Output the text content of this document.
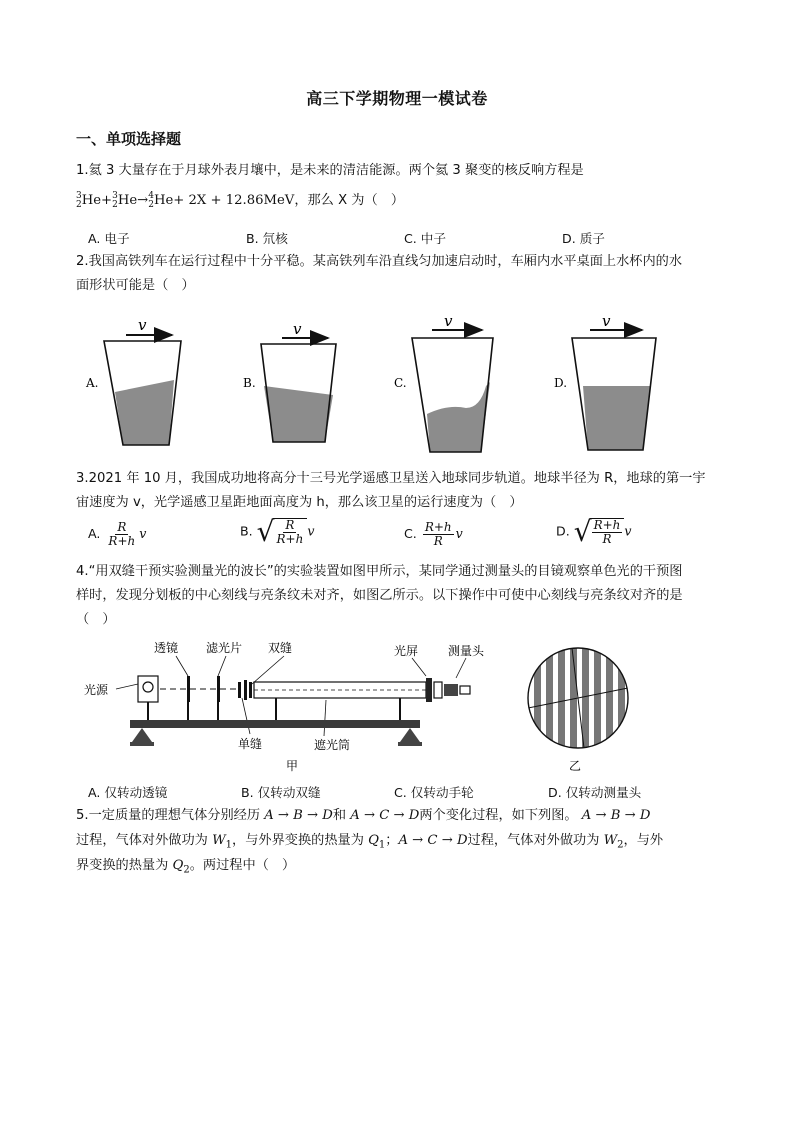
高三下学期物理一模试卷
一、单项选择题
1.氦 3 大量存在于月球外表月壤中，是未来的清洁能源。两个氦 3 聚变的核反响方程是
3
2 He+ 3
2 He→ 4
2 He+ 2X + 12.86MeV，那么 X 为（　）
A. 电子	B. 氘核	C. 中子	D. 质子
2.我国高铁列车在运行过程中十分平稳。某高铁列车沿直线匀加速启动时，车厢内水平桌面上水杯内的水
面形状可能是（　）
A.
v
B.
v
C.
v
D.
v
3.2021 年 10 月，我国成功地将高分十三号光学遥感卫星送入地球同步轨道。地球半径为 R，地球的第一宇
宙速度为 v，光学遥感卫星距地面高度为 h，那么该卫星的运行速度为（　）
A. $\frac{R}{R+h}$ v	B. √ $\frac{R}{R+h}$ v	C. $\frac{R+h}{R}$ v	D. √ $\frac{R+h}{R}$ v
4.“用双缝干预实验测量光的波长”的实验装置如图甲所示，某同学通过测量头的目镜观察单色光的干预图
样时，发现分划板的中心刻线与亮条纹未对齐，如图乙所示。以下操作中可使中心刻线与亮条纹对齐的是
（　）
透镜 滤光片 双缝	光屏 测量头
光源
单缝	遮光筒
甲	乙
A. 仅转动透镜	B. 仅转动双缝	C. 仅转动手轮	D. 仅转动测量头
5.一定质量的理想气体分别经历 A → B → D和 A → C → D两个变化过程，如下列图。 A → B → D
过程，气体对外做功为 $W_1$，与外界变换的热量为 $Q_1$；A → C → D过程，气体对外做功为 $W_2$，与外
界变换的热量为 $Q_2$。两过程中（　）
